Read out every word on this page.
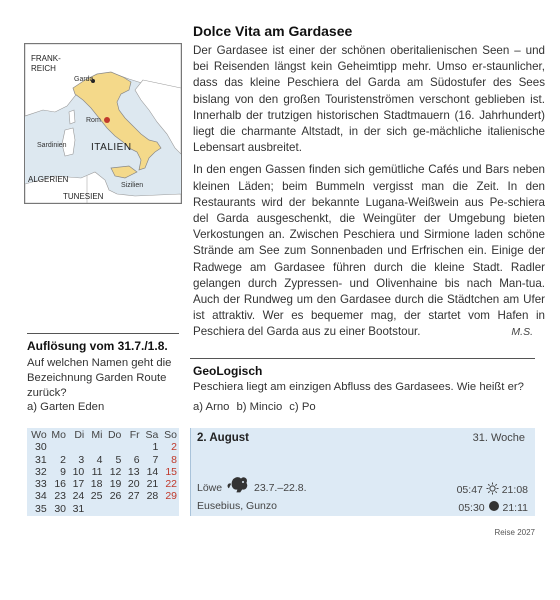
FRANK-
REICH
Garda
Rom
Sardinien ITALIEN
ALGERIEN
Sizilien
TUNESIEN
Dolce Vita am Gardasee

Der Gardasee ist einer der schönen oberitalienischen Seen – und bei Reisenden längst kein Geheimtipp mehr. Umso er-staunlicher, dass das kleine Peschiera del Garda am Südostufer des Sees bislang von den großen Touristenströmen verschont geblieben ist. Innerhalb der trutzigen historischen Stadtmauern (16. Jahrhundert) liegt die charmante Altstadt, in der sich ge-mächliche italienische Lebensart ausbreitet.

In den engen Gassen finden sich gemütliche Cafés und Bars neben kleinen Läden; beim Bummeln vergisst man die Zeit. In den Restaurants wird der bekannte Lugana-Weißwein aus Pe-schiera del Garda ausgeschenkt, die Weingüter der Umgebung bieten Verkostungen an. Zwischen Peschiera und Sirmione laden schöne Strände am See zum Sonnenbaden und Erfrischen ein. Einige der Radwege am Gardasee führen durch die kleine Stadt. Radler gelangen durch Zypressen- und Olivenhaine bis nach Man-tua. Auch der Rundweg um den Gardasee durch die Städtchen am Ufer ist attraktiv. Wer es bequemer mag, der startet vom Hafen in Peschiera del Garda aus zu einer Bootstour.	M.S.

Auflösung vom 31.7./1.8.
Auf welchen Namen geht die Bezeichnung Garden Route zurück?
a) Garten Eden
GeoLogisch
Peschiera liegt am einzigen Abfluss des Gardasees. Wie heißt er?
a) Arno b) Mincio c) Po
Wo	Mo	Di	Mi	Do	Fr	Sa	So
30						1	2
31	2	3	4	5	6	7	8
32	9	10	11	12	13	14	15
33	16	17	18	19	20	21	22
34	23	24	25	26	27	28	29
35	30	31					
2. August	31. Woche
Löwe	23.7.–22.8.
Eusebius, Gunzo
05:47 21:08
05:30 21:11
Reise 2027
